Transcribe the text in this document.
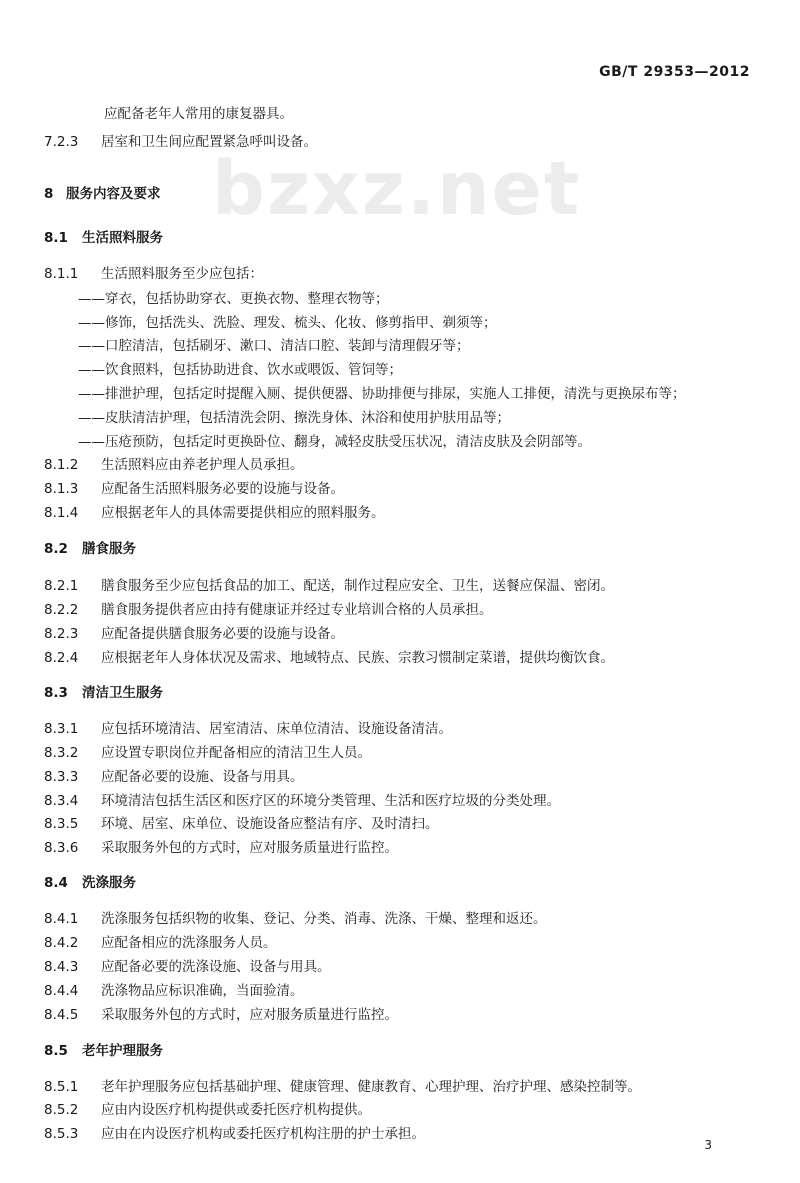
GB/T 29353—2012
bzxz.net
应配备老年人常用的康复器具。
7.2.3 居室和卫生间应配置紧急呼叫设备。
8 服务内容及要求
8.1 生活照料服务
8.1.1 生活照料服务至少应包括：
——穿衣，包括协助穿衣、更换衣物、整理衣物等；
——修饰，包括洗头、洗脸、理发、梳头、化妆、修剪指甲、剃须等；
——口腔清洁，包括刷牙、漱口、清洁口腔、装卸与清理假牙等；
——饮食照料，包括协助进食、饮水或喂饭、管饲等；
——排泄护理，包括定时提醒入厕、提供便器、协助排便与排尿，实施人工排便，清洗与更换尿布等；
——皮肤清洁护理，包括清洗会阴、擦洗身体、沐浴和使用护肤用品等；
——压疮预防，包括定时更换卧位、翻身，减轻皮肤受压状况，清洁皮肤及会阴部等。
8.1.2 生活照料应由养老护理人员承担。
8.1.3 应配备生活照料服务必要的设施与设备。
8.1.4 应根据老年人的具体需要提供相应的照料服务。
8.2 膳食服务
8.2.1 膳食服务至少应包括食品的加工、配送，制作过程应安全、卫生，送餐应保温、密闭。
8.2.2 膳食服务提供者应由持有健康证并经过专业培训合格的人员承担。
8.2.3 应配备提供膳食服务必要的设施与设备。
8.2.4 应根据老年人身体状况及需求、地域特点、民族、宗教习惯制定菜谱，提供均衡饮食。
8.3 清洁卫生服务
8.3.1 应包括环境清洁、居室清洁、床单位清洁、设施设备清洁。
8.3.2 应设置专职岗位并配备相应的清洁卫生人员。
8.3.3 应配备必要的设施、设备与用具。
8.3.4 环境清洁包括生活区和医疗区的环境分类管理、生活和医疗垃圾的分类处理。
8.3.5 环境、居室、床单位、设施设备应整洁有序、及时清扫。
8.3.6 采取服务外包的方式时，应对服务质量进行监控。
8.4 洗涤服务
8.4.1 洗涤服务包括织物的收集、登记、分类、消毒、洗涤、干燥、整理和返还。
8.4.2 应配备相应的洗涤服务人员。
8.4.3 应配备必要的洗涤设施、设备与用具。
8.4.4 洗涤物品应标识准确，当面验清。
8.4.5 采取服务外包的方式时，应对服务质量进行监控。
8.5 老年护理服务
8.5.1 老年护理服务应包括基础护理、健康管理、健康教育、心理护理、治疗护理、感染控制等。
8.5.2 应由内设医疗机构提供或委托医疗机构提供。
8.5.3 应由在内设医疗机构或委托医疗机构注册的护士承担。
3
